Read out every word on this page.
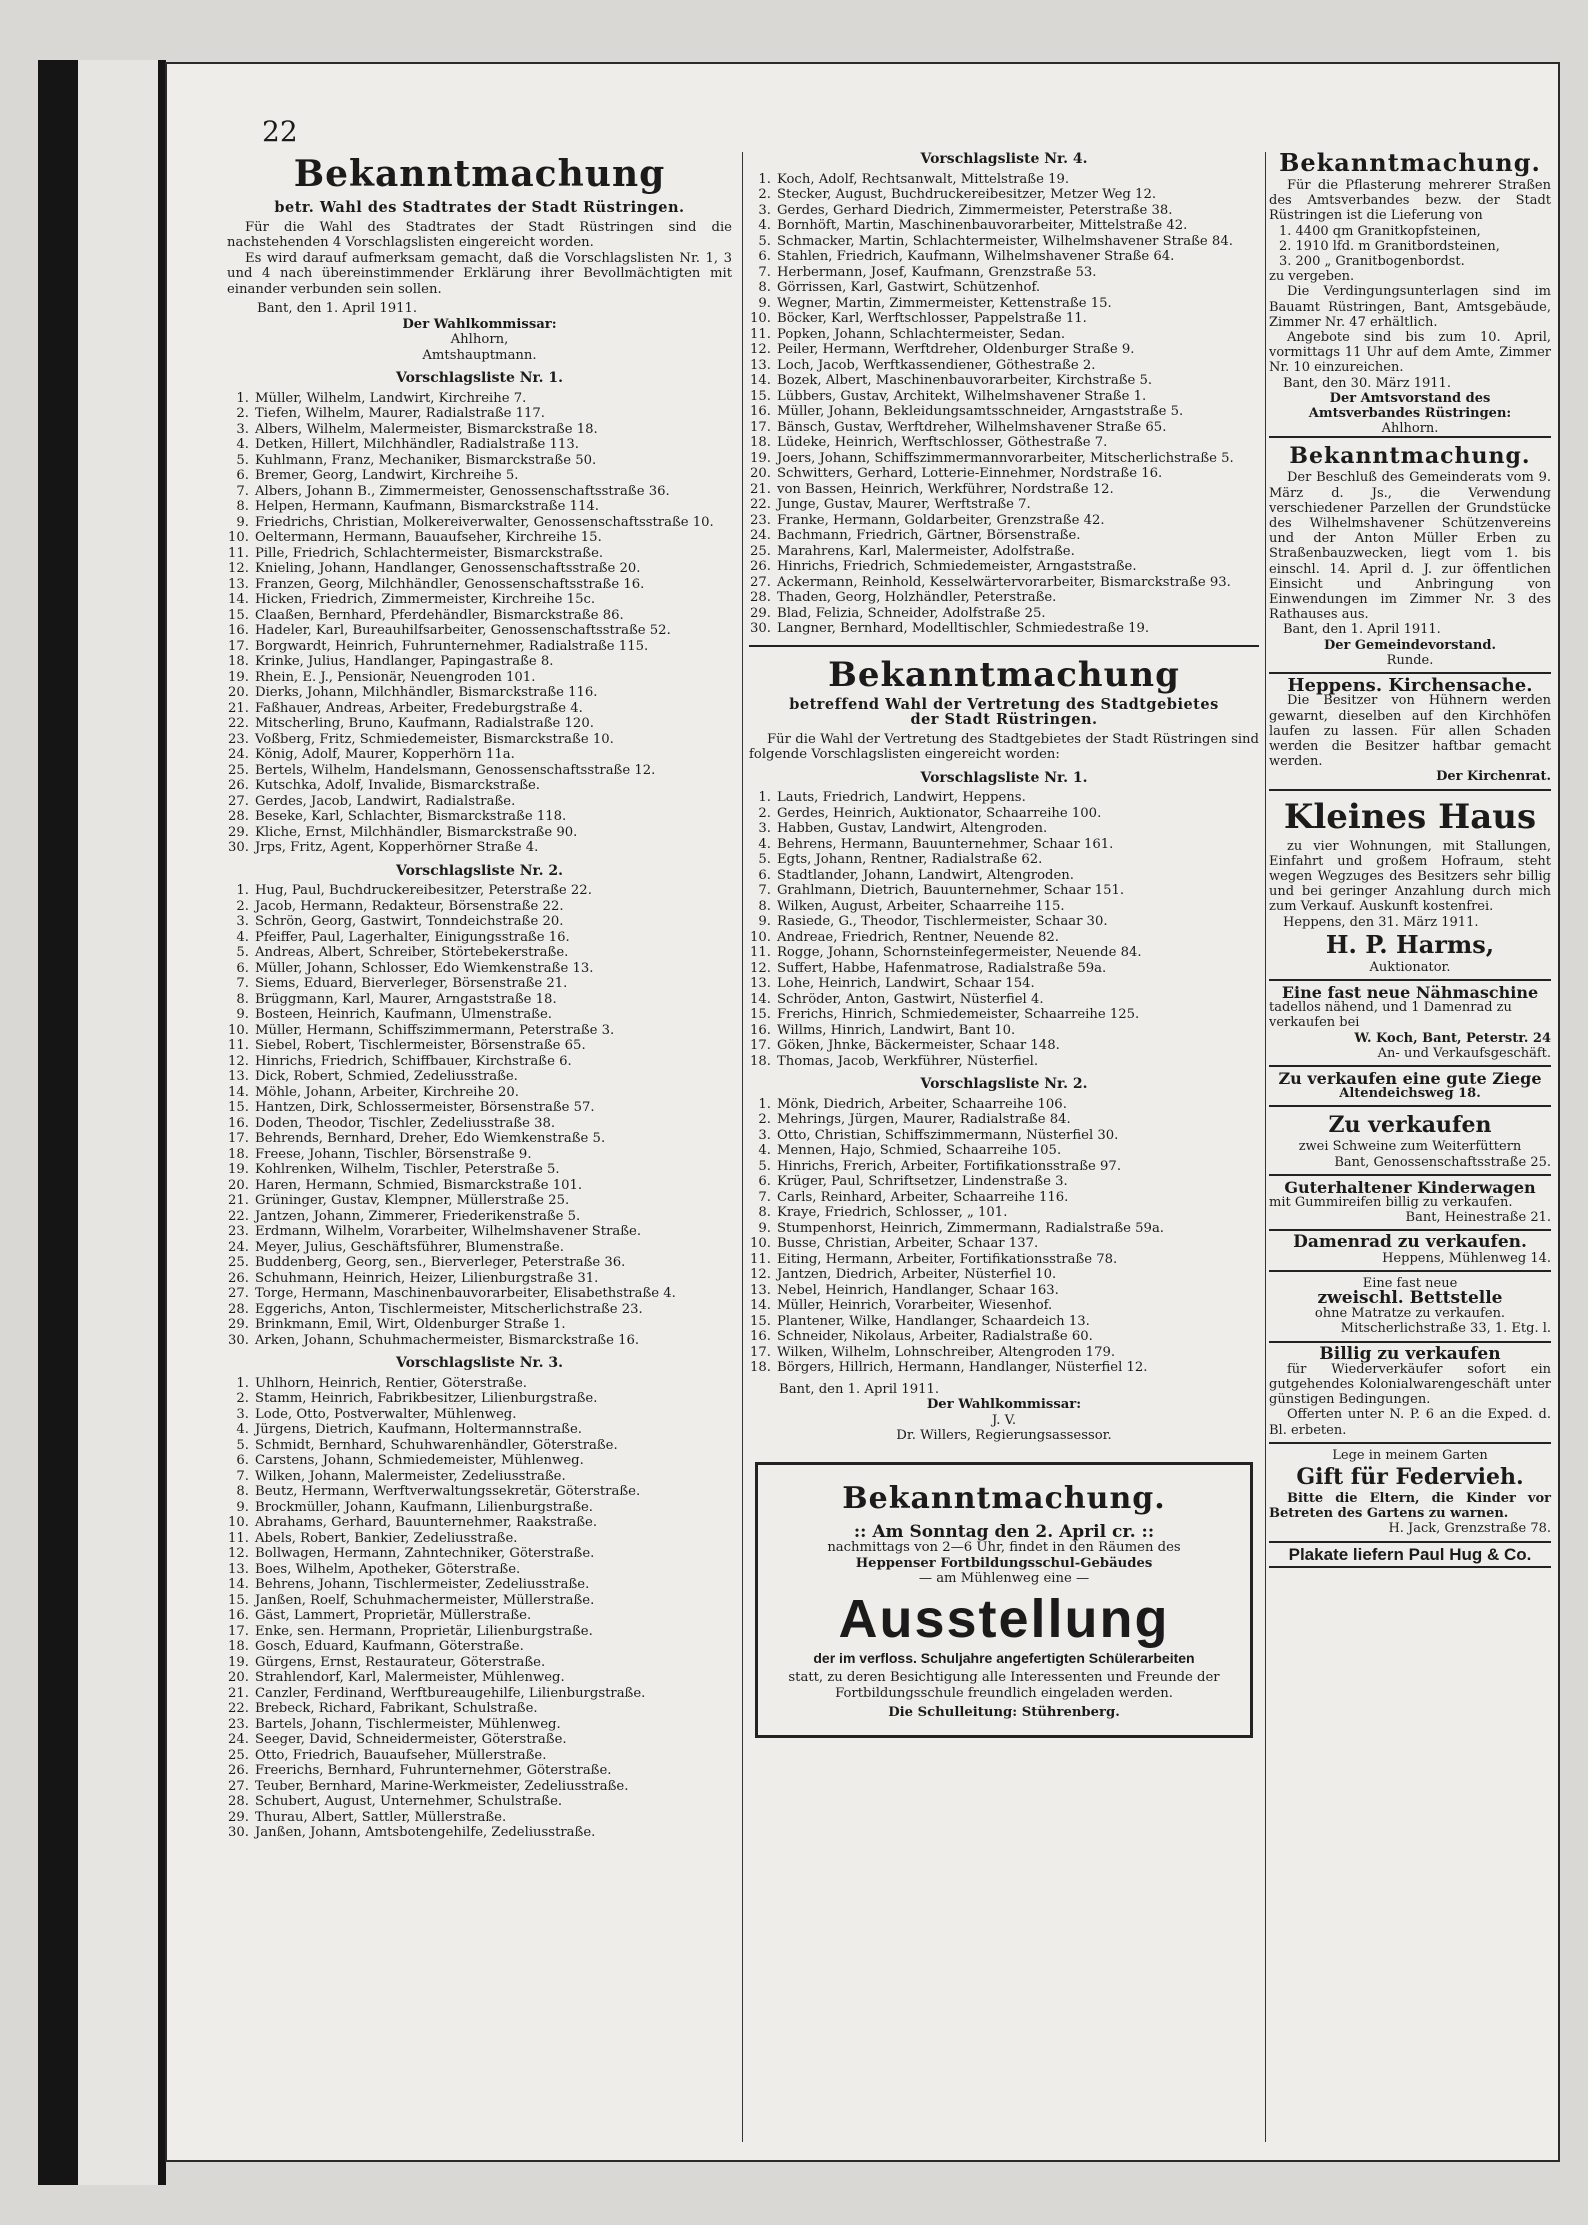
22
Bekanntmachung
betr. Wahl des Stadtrates der Stadt Rüstringen.
Für die Wahl des Stadtrates der Stadt Rüstringen sind die nachstehenden 4 Vorschlagslisten eingereicht worden.
Es wird darauf aufmerksam gemacht, daß die Vorschlagslisten Nr. 1, 3 und 4 nach übereinstimmender Erklärung ihrer Bevollmächtigten mit einander verbunden sein sollen.
Bant, den 1. April 1911.
Der Wahlkommissar:
Ahlhorn,
Amtshauptmann.
Vorschlagsliste Nr. 1.
1. Müller, Wilhelm, Landwirt, Kirchreihe 7.
2. Tiefen, Wilhelm, Maurer, Radialstraße 117.
3. Albers, Wilhelm, Malermeister, Bismarckstraße 18.
4. Detken, Hillert, Milchhändler, Radialstraße 113.
5. Kuhlmann, Franz, Mechaniker, Bismarckstraße 50.
6. Bremer, Georg, Landwirt, Kirchreihe 5.
7. Albers, Johann B., Zimmermeister, Genossenschaftsstraße 36.
8. Helpen, Hermann, Kaufmann, Bismarckstraße 114.
9. Friedrichs, Christian, Molkereiverwalter, Genossenschaftsstraße 10.
10. Oeltermann, Hermann, Bauaufseher, Kirchreihe 15.
11. Pille, Friedrich, Schlachtermeister, Bismarckstraße.
12. Knieling, Johann, Handlanger, Genossenschaftsstraße 20.
13. Franzen, Georg, Milchhändler, Genossenschaftsstraße 16.
14. Hicken, Friedrich, Zimmermeister, Kirchreihe 15c.
15. Claaßen, Bernhard, Pferdehändler, Bismarckstraße 86.
16. Hadeler, Karl, Bureauhilfsarbeiter, Genossenschaftsstraße 52.
17. Borgwardt, Heinrich, Fuhrunternehmer, Radialstraße 115.
18. Krinke, Julius, Handlanger, Papingastraße 8.
19. Rhein, E. J., Pensionär, Neuengroden 101.
20. Dierks, Johann, Milchhändler, Bismarckstraße 116.
21. Faßhauer, Andreas, Arbeiter, Fredeburgstraße 4.
22. Mitscherling, Bruno, Kaufmann, Radialstraße 120.
23. Voßberg, Fritz, Schmiedemeister, Bismarckstraße 10.
24. König, Adolf, Maurer, Kopperhörn 11a.
25. Bertels, Wilhelm, Handelsmann, Genossenschaftsstraße 12.
26. Kutschka, Adolf, Invalide, Bismarckstraße.
27. Gerdes, Jacob, Landwirt, Radialstraße.
28. Beseke, Karl, Schlachter, Bismarckstraße 118.
29. Kliche, Ernst, Milchhändler, Bismarckstraße 90.
30. Jrps, Fritz, Agent, Kopperhörner Straße 4.
Vorschlagsliste Nr. 2.
1. Hug, Paul, Buchdruckereibesitzer, Peterstraße 22.
2. Jacob, Hermann, Redakteur, Börsenstraße 22.
3. Schrön, Georg, Gastwirt, Tonndeichstraße 20.
4. Pfeiffer, Paul, Lagerhalter, Einigungsstraße 16.
5. Andreas, Albert, Schreiber, Störtebekerstraße.
6. Müller, Johann, Schlosser, Edo Wiemkenstraße 13.
7. Siems, Eduard, Bierverleger, Börsenstraße 21.
8. Brüggmann, Karl, Maurer, Arngaststraße 18.
9. Bosteen, Heinrich, Kaufmann, Ulmenstraße.
10. Müller, Hermann, Schiffszimmermann, Peterstraße 3.
11. Siebel, Robert, Tischlermeister, Börsenstraße 65.
12. Hinrichs, Friedrich, Schiffbauer, Kirchstraße 6.
13. Dick, Robert, Schmied, Zedeliusstraße.
14. Möhle, Johann, Arbeiter, Kirchreihe 20.
15. Hantzen, Dirk, Schlossermeister, Börsenstraße 57.
16. Doden, Theodor, Tischler, Zedeliusstraße 38.
17. Behrends, Bernhard, Dreher, Edo Wiemkenstraße 5.
18. Freese, Johann, Tischler, Börsenstraße 9.
19. Kohlrenken, Wilhelm, Tischler, Peterstraße 5.
20. Haren, Hermann, Schmied, Bismarckstraße 101.
21. Grüninger, Gustav, Klempner, Müllerstraße 25.
22. Jantzen, Johann, Zimmerer, Friederikenstraße 5.
23. Erdmann, Wilhelm, Vorarbeiter, Wilhelmshavener Straße.
24. Meyer, Julius, Geschäftsführer, Blumenstraße.
25. Buddenberg, Georg, sen., Bierverleger, Peterstraße 36.
26. Schuhmann, Heinrich, Heizer, Lilienburgstraße 31.
27. Torge, Hermann, Maschinenbauvorarbeiter, Elisabethstraße 4.
28. Eggerichs, Anton, Tischlermeister, Mitscherlichstraße 23.
29. Brinkmann, Emil, Wirt, Oldenburger Straße 1.
30. Arken, Johann, Schuhmachermeister, Bismarckstraße 16.
Vorschlagsliste Nr. 3.
1. Uhlhorn, Heinrich, Rentier, Göterstraße.
2. Stamm, Heinrich, Fabrikbesitzer, Lilienburgstraße.
3. Lode, Otto, Postverwalter, Mühlenweg.
4. Jürgens, Dietrich, Kaufmann, Holtermannstraße.
5. Schmidt, Bernhard, Schuhwarenhändler, Göterstraße.
6. Carstens, Johann, Schmiedemeister, Mühlenweg.
7. Wilken, Johann, Malermeister, Zedeliusstraße.
8. Beutz, Hermann, Werftverwaltungssekretär, Göterstraße.
9. Brockmüller, Johann, Kaufmann, Lilienburgstraße.
10. Abrahams, Gerhard, Bauunternehmer, Raakstraße.
11. Abels, Robert, Bankier, Zedeliusstraße.
12. Bollwagen, Hermann, Zahntechniker, Göterstraße.
13. Boes, Wilhelm, Apotheker, Göterstraße.
14. Behrens, Johann, Tischlermeister, Zedeliusstraße.
15. Janßen, Roelf, Schuhmachermeister, Müllerstraße.
16. Gäst, Lammert, Proprietär, Müllerstraße.
17. Enke, sen. Hermann, Proprietär, Lilienburgstraße.
18. Gosch, Eduard, Kaufmann, Göterstraße.
19. Gürgens, Ernst, Restaurateur, Göterstraße.
20. Strahlendorf, Karl, Malermeister, Mühlenweg.
21. Canzler, Ferdinand, Werftbureaugehilfe, Lilienburgstraße.
22. Brebeck, Richard, Fabrikant, Schulstraße.
23. Bartels, Johann, Tischlermeister, Mühlenweg.
24. Seeger, David, Schneidermeister, Göterstraße.
25. Otto, Friedrich, Bauaufseher, Müllerstraße.
26. Freerichs, Bernhard, Fuhrunternehmer, Göterstraße.
27. Teuber, Bernhard, Marine-Werkmeister, Zedeliusstraße.
28. Schubert, August, Unternehmer, Schulstraße.
29. Thurau, Albert, Sattler, Müllerstraße.
30. Janßen, Johann, Amtsbotengehilfe, Zedeliusstraße.
Vorschlagsliste Nr. 4.
1. Koch, Adolf, Rechtsanwalt, Mittelstraße 19.
2. Stecker, August, Buchdruckereibesitzer, Metzer Weg 12.
3. Gerdes, Gerhard Diedrich, Zimmermeister, Peterstraße 38.
4. Bornhöft, Martin, Maschinenbauvorarbeiter, Mittelstraße 42.
5. Schmacker, Martin, Schlachtermeister, Wilhelmshavener Straße 84.
6. Stahlen, Friedrich, Kaufmann, Wilhelmshavener Straße 64.
7. Herbermann, Josef, Kaufmann, Grenzstraße 53.
8. Görrissen, Karl, Gastwirt, Schützenhof.
9. Wegner, Martin, Zimmermeister, Kettenstraße 15.
10. Böcker, Karl, Werftschlosser, Pappelstraße 11.
11. Popken, Johann, Schlachtermeister, Sedan.
12. Peiler, Hermann, Werftdreher, Oldenburger Straße 9.
13. Loch, Jacob, Werftkassendiener, Göthestraße 2.
14. Bozek, Albert, Maschinenbauvorarbeiter, Kirchstraße 5.
15. Lübbers, Gustav, Architekt, Wilhelmshavener Straße 1.
16. Müller, Johann, Bekleidungsamtsschneider, Arngaststraße 5.
17. Bänsch, Gustav, Werftdreher, Wilhelmshavener Straße 65.
18. Lüdeke, Heinrich, Werftschlosser, Göthestraße 7.
19. Joers, Johann, Schiffszimmermannvorarbeiter, Mitscherlichstraße 5.
20. Schwitters, Gerhard, Lotterie-Einnehmer, Nordstraße 16.
21. von Bassen, Heinrich, Werkführer, Nordstraße 12.
22. Junge, Gustav, Maurer, Werftstraße 7.
23. Franke, Hermann, Goldarbeiter, Grenzstraße 42.
24. Bachmann, Friedrich, Gärtner, Börsenstraße.
25. Marahrens, Karl, Malermeister, Adolfstraße.
26. Hinrichs, Friedrich, Schmiedemeister, Arngaststraße.
27. Ackermann, Reinhold, Kesselwärtervorarbeiter, Bismarckstraße 93.
28. Thaden, Georg, Holzhändler, Peterstraße.
29. Blad, Felizia, Schneider, Adolfstraße 25.
30. Langner, Bernhard, Modelltischler, Schmiedestraße 19.
Bekanntmachung
betreffend Wahl der Vertretung des Stadtgebietes
der Stadt Rüstringen.
Für die Wahl der Vertretung des Stadtgebietes der Stadt Rüstringen sind folgende Vorschlagslisten eingereicht worden:
Vorschlagsliste Nr. 1.
1. Lauts, Friedrich, Landwirt, Heppens.
2. Gerdes, Heinrich, Auktionator, Schaarreihe 100.
3. Habben, Gustav, Landwirt, Altengroden.
4. Behrens, Hermann, Bauunternehmer, Schaar 161.
5. Egts, Johann, Rentner, Radialstraße 62.
6. Stadtlander, Johann, Landwirt, Altengroden.
7. Grahlmann, Dietrich, Bauunternehmer, Schaar 151.
8. Wilken, August, Arbeiter, Schaarreihe 115.
9. Rasiede, G., Theodor, Tischlermeister, Schaar 30.
10. Andreae, Friedrich, Rentner, Neuende 82.
11. Rogge, Johann, Schornsteinfegermeister, Neuende 84.
12. Suffert, Habbe, Hafenmatrose, Radialstraße 59a.
13. Lohe, Heinrich, Landwirt, Schaar 154.
14. Schröder, Anton, Gastwirt, Nüsterfiel 4.
15. Frerichs, Hinrich, Schmiedemeister, Schaarreihe 125.
16. Willms, Hinrich, Landwirt, Bant 10.
17. Göken, Jhnke, Bäckermeister, Schaar 148.
18. Thomas, Jacob, Werkführer, Nüsterfiel.
Vorschlagsliste Nr. 2.
1. Mönk, Diedrich, Arbeiter, Schaarreihe 106.
2. Mehrings, Jürgen, Maurer, Radialstraße 84.
3. Otto, Christian, Schiffszimmermann, Nüsterfiel 30.
4. Mennen, Hajo, Schmied, Schaarreihe 105.
5. Hinrichs, Frerich, Arbeiter, Fortifikationsstraße 97.
6. Krüger, Paul, Schriftsetzer, Lindenstraße 3.
7. Carls, Reinhard, Arbeiter, Schaarreihe 116.
8. Kraye, Friedrich, Schlosser, „ 101.
9. Stumpenhorst, Heinrich, Zimmermann, Radialstraße 59a.
10. Busse, Christian, Arbeiter, Schaar 137.
11. Eiting, Hermann, Arbeiter, Fortifikationsstraße 78.
12. Jantzen, Diedrich, Arbeiter, Nüsterfiel 10.
13. Nebel, Heinrich, Handlanger, Schaar 163.
14. Müller, Heinrich, Vorarbeiter, Wiesenhof.
15. Plantener, Wilke, Handlanger, Schaardeich 13.
16. Schneider, Nikolaus, Arbeiter, Radialstraße 60.
17. Wilken, Wilhelm, Lohnschreiber, Altengroden 179.
18. Börgers, Hillrich, Hermann, Handlanger, Nüsterfiel 12.
Bant, den 1. April 1911.
Der Wahlkommissar:
J. V.
Dr. Willers, Regierungsassessor.
Bekanntmachung.
:: Am Sonntag den 2. April cr. ::
nachmittags von 2—6 Uhr, findet in den Räumen des
Heppenser Fortbildungsschul-Gebäudes
— am Mühlenweg eine —
Ausstellung
der im verfloss. Schuljahre angefertigten Schülerarbeiten
statt, zu deren Besichtigung alle Interessenten und Freunde der Fortbildungsschule freundlich eingeladen werden.
Die Schulleitung: Stührenberg.
Bekanntmachung.
Für die Pflasterung mehrerer Straßen des Amtsverbandes bezw. der Stadt Rüstringen ist die Lieferung von
1. 4400 qm Granitkopfsteinen,
2. 1910 lfd. m Granitbordsteinen,
3. 200 „ Granitbogenbordst.
zu vergeben.
Die Verdingungsunterlagen sind im Bauamt Rüstringen, Bant, Amtsgebäude, Zimmer Nr. 47 erhältlich.
Angebote sind bis zum 10. April, vormittags 11 Uhr auf dem Amte, Zimmer Nr. 10 einzureichen.
Bant, den 30. März 1911.
Der Amtsvorstand des
Amtsverbandes Rüstringen:
Ahlhorn.
Bekanntmachung.
Der Beschluß des Gemeinderats vom 9. März d. Js., die Verwendung verschiedener Parzellen der Grundstücke des Wilhelmshavener Schützenvereins und der Anton Müller Erben zu Straßenbauzwecken, liegt vom 1. bis einschl. 14. April d. J. zur öffentlichen Einsicht und Anbringung von Einwendungen im Zimmer Nr. 3 des Rathauses aus.
Bant, den 1. April 1911.
Der Gemeindevorstand.
Runde.
Heppens. Kirchensache.
Die Besitzer von Hühnern werden gewarnt, dieselben auf den Kirchhöfen laufen zu lassen. Für allen Schaden werden die Besitzer haftbar gemacht werden.
Der Kirchenrat.
Kleines Haus
zu vier Wohnungen, mit Stallungen, Einfahrt und großem Hofraum, steht wegen Wegzuges des Besitzers sehr billig und bei geringer Anzahlung durch mich zum Verkauf. Auskunft kostenfrei.
Heppens, den 31. März 1911.
H. P. Harms,
Auktionator.
Eine fast neue Nähmaschine
tadellos nähend, und 1 Damenrad zu verkaufen bei
W. Koch, Bant, Peterstr. 24
An- und Verkaufsgeschäft.
Zu verkaufen eine gute Ziege
Altendeichsweg 18.
Zu verkaufen
zwei Schweine zum Weiterfüttern
Bant, Genossenschaftsstraße 25.
Guterhaltener Kinderwagen
mit Gummireifen billig zu verkaufen.
Bant, Heinestraße 21.
Damenrad zu verkaufen.
Heppens, Mühlenweg 14.
Eine fast neue
zweischl. Bettstelle
ohne Matratze zu verkaufen.
Mitscherlichstraße 33, 1. Etg. l.
Billig zu verkaufen
für Wiederverkäufer sofort ein gutgehendes Kolonialwarengeschäft unter günstigen Bedingungen.
Offerten unter N. P. 6 an die Exped. d. Bl. erbeten.
Lege in meinem Garten
Gift für Federvieh.
Bitte die Eltern, die Kinder vor Betreten des Gartens zu warnen.
H. Jack, Grenzstraße 78.
Plakate liefern Paul Hug & Co.
